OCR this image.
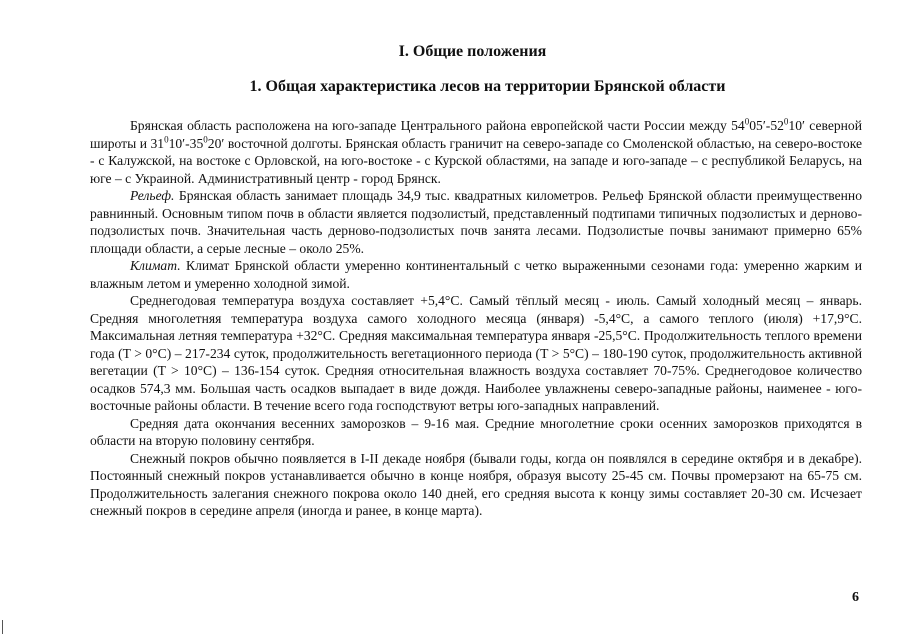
I. Общие положения
1. Общая характеристика лесов на территории Брянской области

Брянская область расположена на юго-западе Центрального района европейской части России между $54^005'-52^010'$ северной широты и $31^010'-35^020'$ восточной долготы. Брянская область граничит на северо-западе со Смоленской областью, на северо-востоке - с Калужской, на востоке с Орловской, на юго-востоке - с Курской областями, на западе и юго-западе – с республикой Беларусь, на юге – с Украиной. Административный центр - город Брянск.

Рельеф. Брянская область занимает площадь 34,9 тыс. квадратных километров. Рельеф Брянской области преимущественно равнинный. Основным типом почв в области является подзолистый, представленный подтипами типичных подзолистых и дерново-подзолистых почв. Значительная часть дерново-подзолистых почв занята лесами. Подзолистые почвы занимают примерно 65% площади области, а серые лесные – около 25%.

Климат. Климат Брянской области умеренно континентальный с четко выраженными сезонами года: умеренно жарким и влажным летом и умеренно холодной зимой.

Среднегодовая температура воздуха составляет +5,4°С. Самый тёплый месяц - июль. Самый холодный месяц – январь. Средняя многолетняя температура воздуха самого холодного месяца (января) -5,4°С, а самого теплого (июля) +17,9°С. Максимальная летняя температура +32°С. Средняя максимальная температура января -25,5°С. Продолжительность теплого времени года (T > 0°C) – 217-234 суток, продолжительность вегетационного периода (T > 5°C) – 180-190 суток, продолжительность активной вегетации (T > 10°C) – 136-154 суток. Средняя относительная влажность воздуха составляет 70-75%. Среднегодовое количество осадков 574,3 мм. Большая часть осадков выпадает в виде дождя. Наиболее увлажнены северо-западные районы, наименее - юго-восточные районы области. В течение всего года господствуют ветры юго-западных направлений.

Средняя дата окончания весенних заморозков – 9-16 мая. Средние многолетние сроки осенних заморозков приходятся в области на вторую половину сентября.

Снежный покров обычно появляется в I-II декаде ноября (бывали годы, когда он появлялся в середине октября и в декабре). Постоянный снежный покров устанавливается обычно в конце ноября, образуя высоту 25-45 см. Почвы промерзают на 65-75 см. Продолжительность залегания снежного покрова около 140 дней, его средняя высота к концу зимы составляет 20-30 см. Исчезает снежный покров в середине апреля (иногда и ранее, в конце марта).

6
